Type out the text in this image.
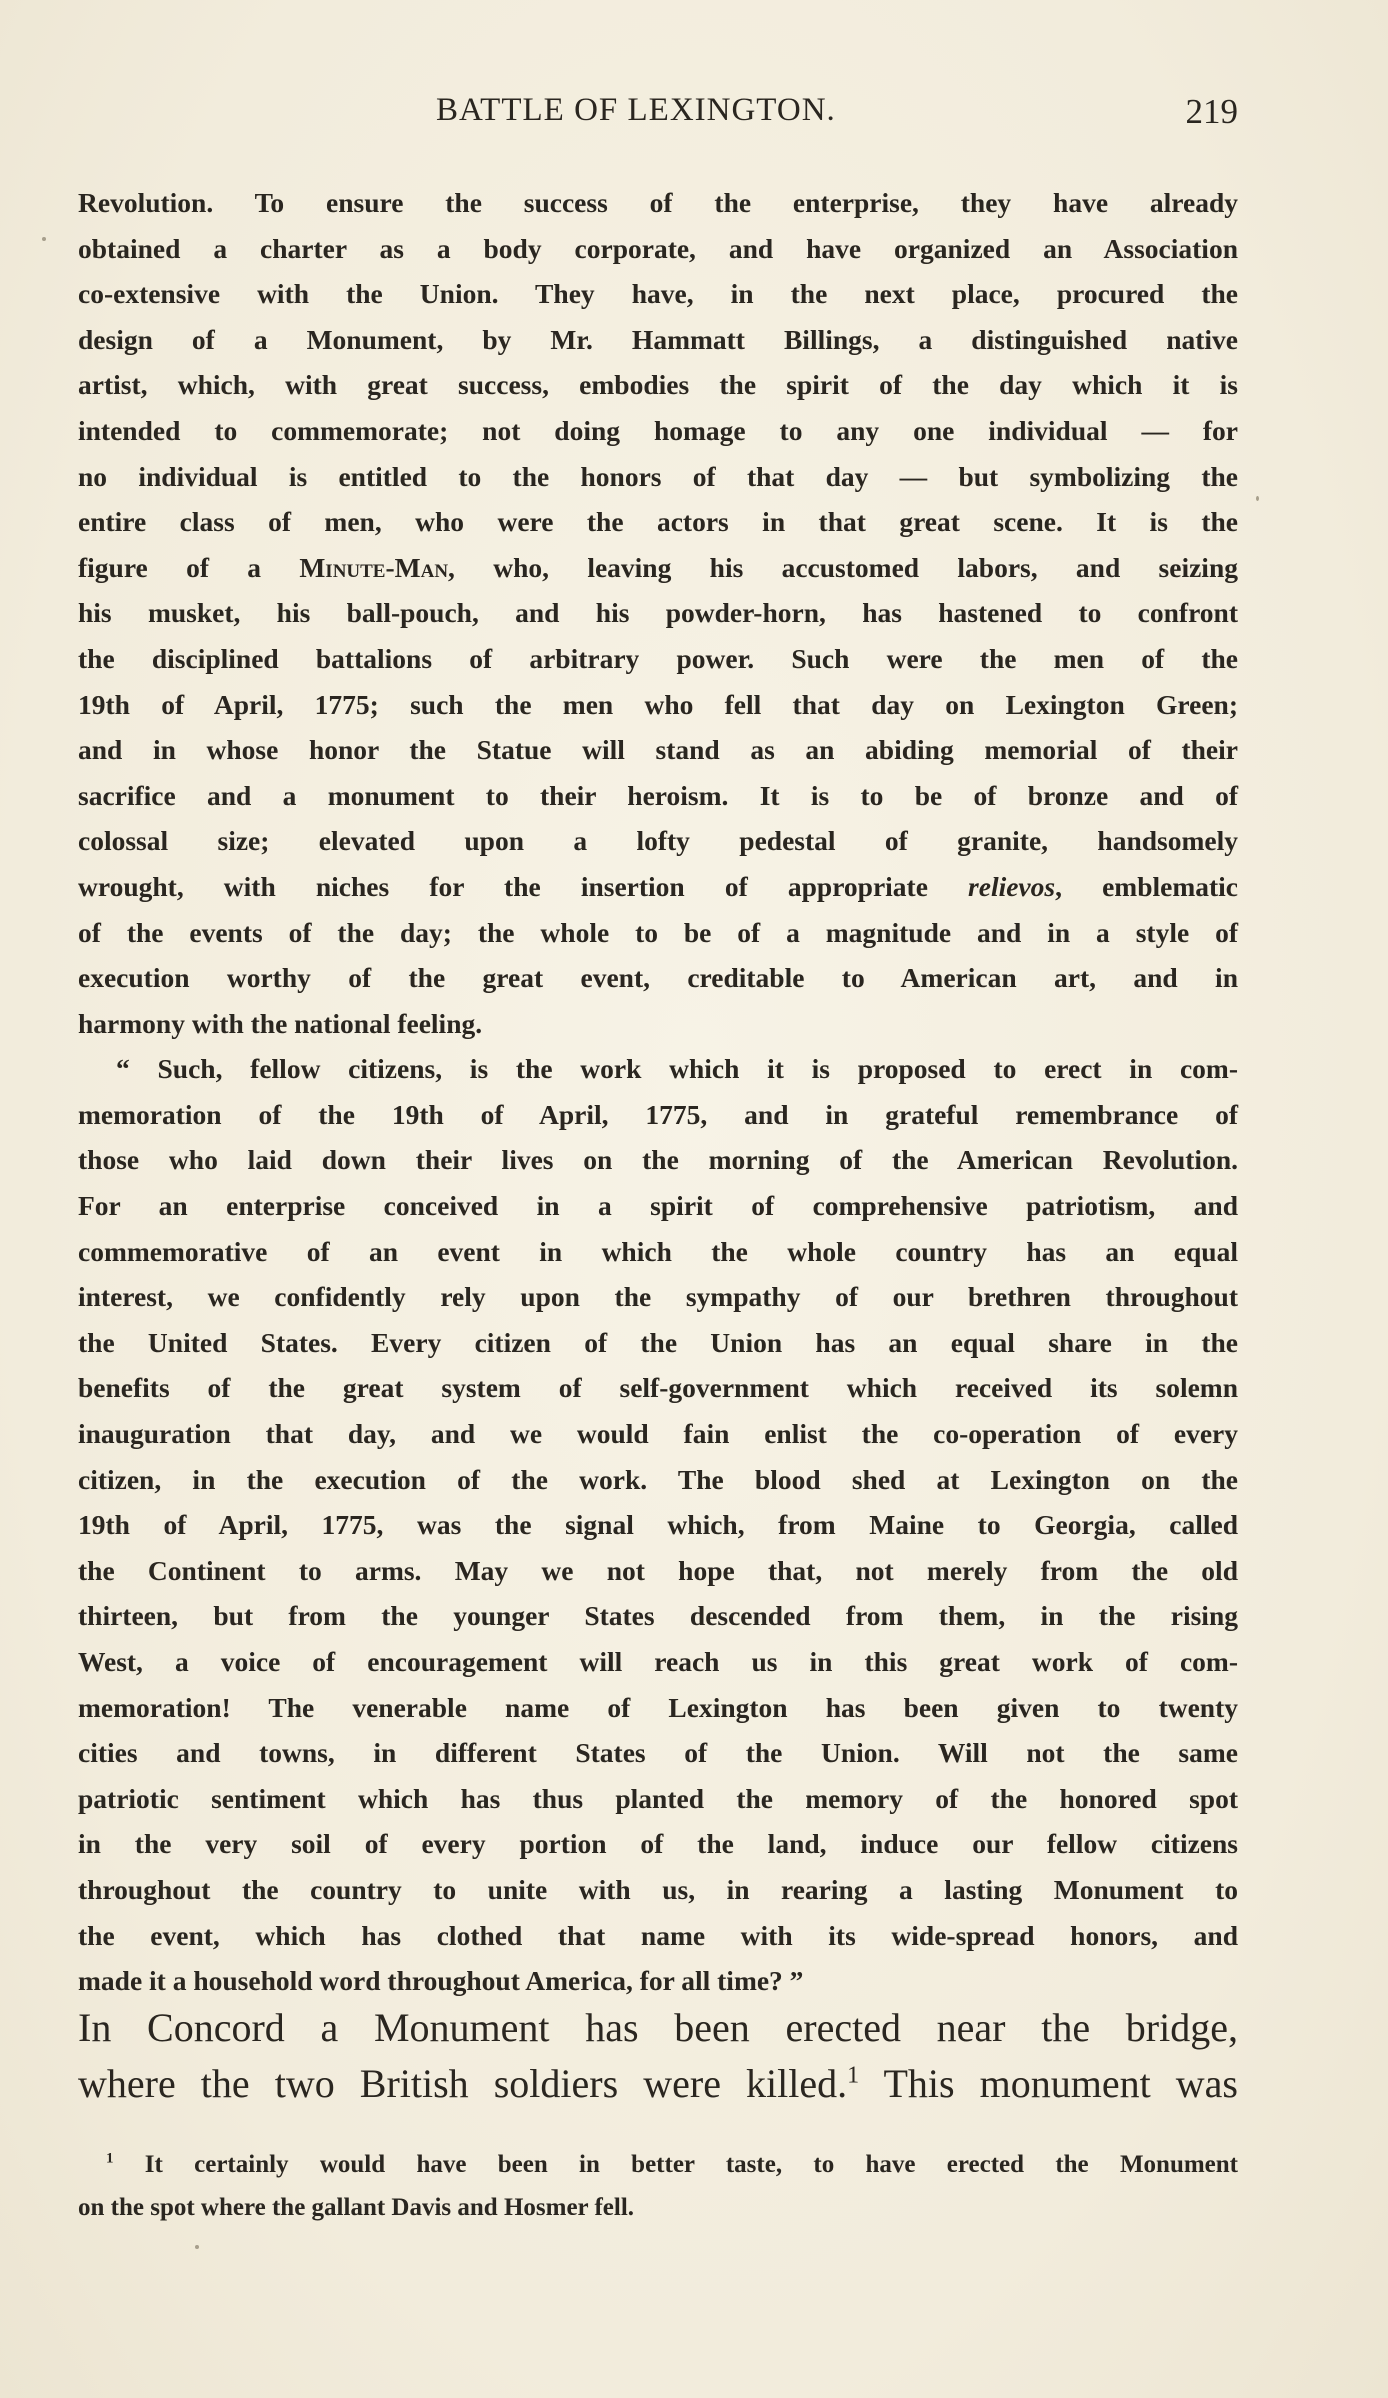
BATTLE OF LEXINGTON.	219
Revolution. To ensure the success of the enterprise, they have already
obtained a charter as a body corporate, and have organized an Association
co-extensive with the Union. They have, in the next place, procured the
design of a Monument, by Mr. Hammatt Billings, a distinguished native
artist, which, with great success, embodies the spirit of the day which it is
intended to commemorate; not doing homage to any one individual — for
no individual is entitled to the honors of that day — but symbolizing the
entire class of men, who were the actors in that great scene. It is the
figure of a Minute-Man, who, leaving his accustomed labors, and seizing
his musket, his ball-pouch, and his powder-horn, has hastened to confront
the disciplined battalions of arbitrary power. Such were the men of the
19th of April, 1775; such the men who fell that day on Lexington Green;
and in whose honor the Statue will stand as an abiding memorial of their
sacrifice and a monument to their heroism. It is to be of bronze and of
colossal size; elevated upon a lofty pedestal of granite, handsomely
wrought, with niches for the insertion of appropriate relievos, emblematic
of the events of the day; the whole to be of a magnitude and in a style of
execution worthy of the great event, creditable to American art, and in
harmony with the national feeling.
“ Such, fellow citizens, is the work which it is proposed to erect in com-
memoration of the 19th of April, 1775, and in grateful remembrance of
those who laid down their lives on the morning of the American Revolution.
For an enterprise conceived in a spirit of comprehensive patriotism, and
commemorative of an event in which the whole country has an equal
interest, we confidently rely upon the sympathy of our brethren throughout
the United States. Every citizen of the Union has an equal share in the
benefits of the great system of self-government which received its solemn
inauguration that day, and we would fain enlist the co-operation of every
citizen, in the execution of the work. The blood shed at Lexington on the
19th of April, 1775, was the signal which, from Maine to Georgia, called
the Continent to arms. May we not hope that, not merely from the old
thirteen, but from the younger States descended from them, in the rising
West, a voice of encouragement will reach us in this great work of com-
memoration! The venerable name of Lexington has been given to twenty
cities and towns, in different States of the Union. Will not the same
patriotic sentiment which has thus planted the memory of the honored spot
in the very soil of every portion of the land, induce our fellow citizens
throughout the country to unite with us, in rearing a lasting Monument to
the event, which has clothed that name with its wide-spread honors, and
made it a household word throughout America, for all time? ”
In Concord a Monument has been erected near the bridge,
where the two British soldiers were killed.$^1$ This monument was
$^1$ It certainly would have been in better taste, to have erected the Monument
on the spot where the gallant Davis and Hosmer fell.
